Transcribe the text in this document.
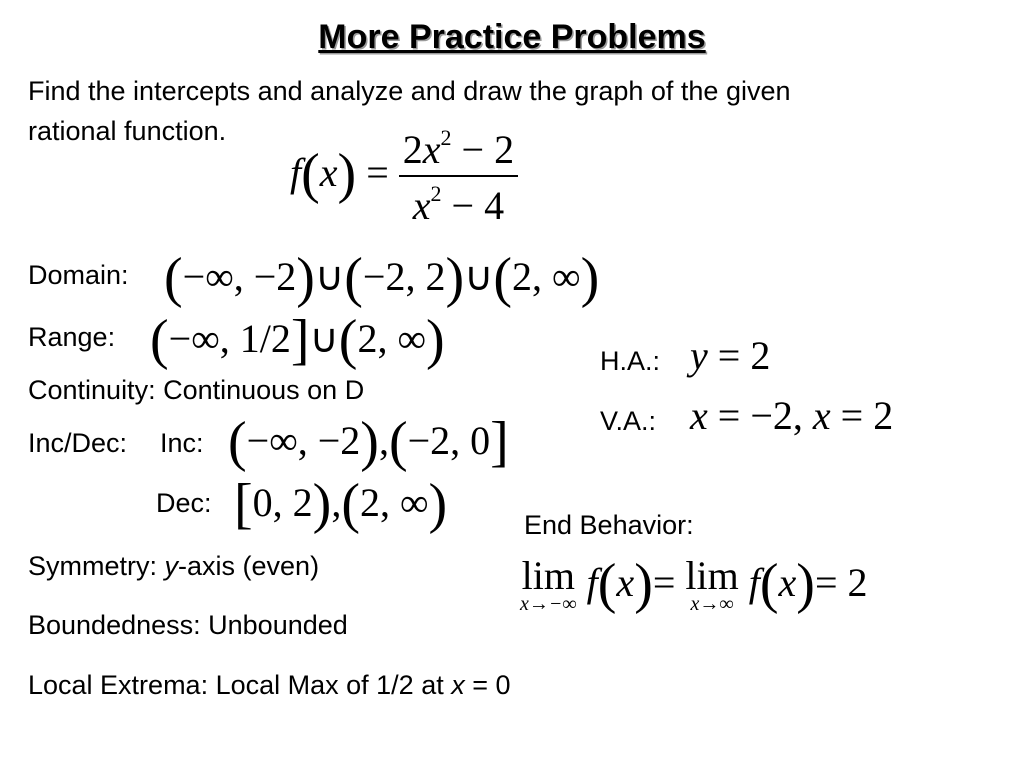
More Practice Problems
Find the intercepts and analyze and draw the graph of the given
rational function.
$f(x) = \frac{2x^2 - 2}{x^2 - 4}$
Domain: (−∞, −2)∪(−2, 2)∪(2, ∞)
Range: (−∞, 1/2]∪(2, ∞)
Continuity: Continuous on D
Inc/Dec: Inc: (−∞, −2),(−2, 0]
Dec: [0, 2),(2, ∞)
Symmetry: y-axis (even)
Boundedness: Unbounded
Local Extrema: Local Max of 1/2 at x = 0
H.A.: y = 2
V.A.: x = −2, x = 2
End Behavior:
lim
x→−∞ f(x)= lim
x→∞ f(x)= 2
